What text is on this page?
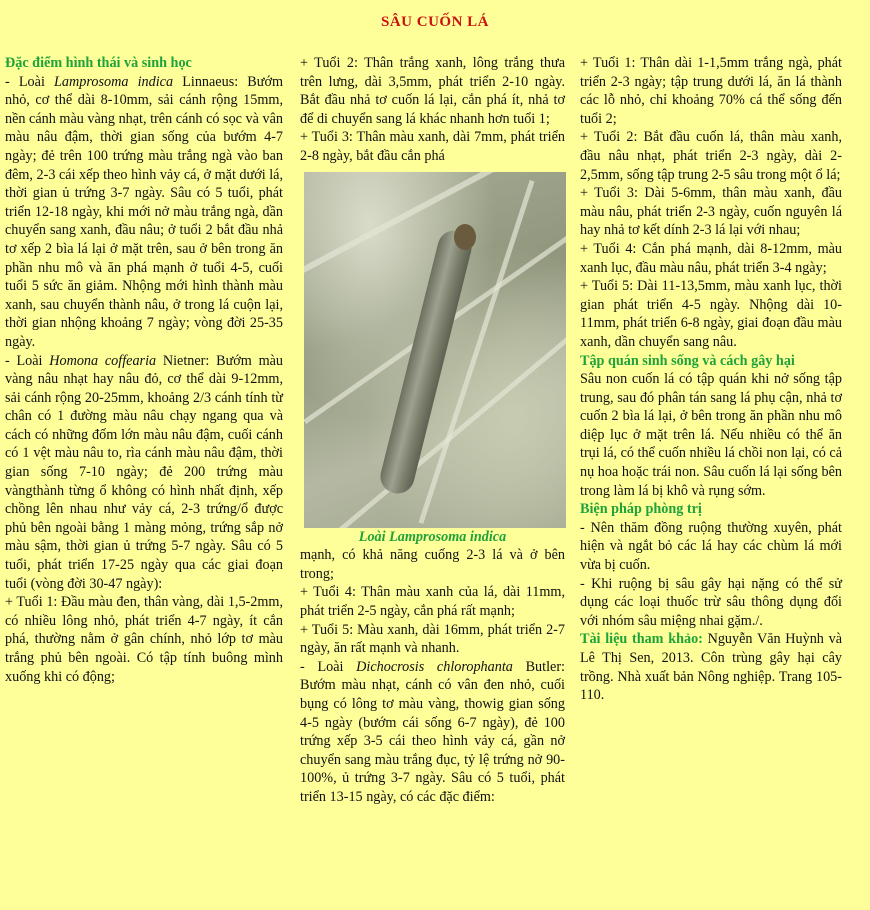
SÂU CUỐN LÁ

Đặc điểm hình thái và sinh học

- Loài Lamprosoma indica Linnaeus: Bướm nhỏ, cơ thể dài 8-10mm, sải cánh rộng 15mm, nền cánh màu vàng nhạt, trên cánh có sọc và vân màu nâu đậm, thời gian sống của bướm 4-7 ngày; đẻ trên 100 trứng màu trắng ngà vào ban đêm, 2-3 cái xếp theo hình vảy cá, ở mặt dưới lá, thời gian ủ trứng 3-7 ngày. Sâu có 5 tuổi, phát triển 12-18 ngày, khi mới nở màu trắng ngà, dần chuyển sang xanh, đầu nâu; ở tuổi 2 bắt đầu nhả tơ xếp 2 bìa lá lại ở mặt trên, sau ở bên trong ăn phần nhu mô và ăn phá mạnh ở tuổi 4-5, cuối tuổi 5 sức ăn giảm. Nhộng mới hình thành màu xanh, sau chuyển thành nâu, ở trong lá cuộn lại, thời gian nhộng khoảng 7 ngày; vòng đời 25-35 ngày.

- Loài Homona coffearia Nietner: Bướm màu vàng nâu nhạt hay nâu đỏ, cơ thể dài 9-12mm, sải cánh rộng 20-25mm, khoảng 2/3 cánh tính từ chân có 1 đường màu nâu chạy ngang qua và cách có những đốm lớn màu nâu đậm, cuối cánh có 1 vệt màu nâu to, rìa cánh màu nâu đậm, thời gian sống 7-10 ngày; đẻ 200 trứng màu vàngthành từng ổ không có hình nhất định, xếp chồng lên nhau như vảy cá, 2-3 trứng/ổ được phủ bên ngoài bằng 1 màng mỏng, trứng sắp nở màu sậm, thời gian ủ trứng 5-7 ngày. Sâu có 5 tuổi, phát triển 17-25 ngày qua các giai đoạn tuổi (vòng đời 30-47 ngày):

+ Tuổi 1: Đầu màu đen, thân vàng, dài 1,5-2mm, có nhiều lông nhỏ, phát triển 4-7 ngày, ít cắn phá, thường nằm ở gân chính, nhỏ lớp tơ màu trắng phủ bên ngoài. Có tập tính buông mình xuống khi có động;

+ Tuổi 2: Thân trắng xanh, lông trắng thưa trên lưng, dài 3,5mm, phát triển 2-10 ngày. Bắt đầu nhả tơ cuốn lá lại, cắn phá ít, nhả tơ để di chuyển sang lá khác nhanh hơn tuổi 1;

+ Tuổi 3: Thân màu xanh, dài 7mm, phát triển 2-8 ngày, bắt đầu cắn phá

Loài Lamprosoma indica

mạnh, có khả năng cuống 2-3 lá và ở bên trong;

+ Tuổi 4: Thân màu xanh của lá, dài 11mm, phát triển 2-5 ngày, cắn phá rất mạnh;

+ Tuổi 5: Màu xanh, dài 16mm, phát triển 2-7 ngày, ăn rất mạnh và nhanh.

- Loài Dichocrosis chlorophanta Butler: Bướm màu nhạt, cánh có vân đen nhỏ, cuối bụng có lông tơ màu vàng, thowig gian sống 4-5 ngày (bướm cái sống 6-7 ngày), đẻ 100 trứng xếp 3-5 cái theo hình vảy cá, gần nở chuyển sang màu trắng đục, tỷ lệ trứng nở 90-100%, ủ trứng 3-7 ngày. Sâu có 5 tuổi, phát triển 13-15 ngày, có các đặc điểm:

+ Tuổi 1: Thân dài 1-1,5mm trắng ngà, phát triển 2-3 ngày; tập trung dưới lá, ăn lá thành các lỗ nhỏ, chỉ khoảng 70% cá thể sống đến tuổi 2;

+ Tuổi 2: Bắt đầu cuốn lá, thân màu xanh, đầu nâu nhạt, phát triển 2-3 ngày, dài 2-2,5mm, sống tập trung 2-5 sâu trong một ổ lá;

+ Tuổi 3: Dài 5-6mm, thân màu xanh, đầu màu nâu, phát triển 2-3 ngày, cuốn nguyên lá hay nhả tơ kết dính 2-3 lá lại với nhau;

+ Tuổi 4: Cắn phá mạnh, dài 8-12mm, màu xanh lục, đầu màu nâu, phát triển 3-4 ngày;

+ Tuổi 5: Dài 11-13,5mm, màu xanh lục, thời gian phát triển 4-5 ngày. Nhộng dài 10-11mm, phát triển 6-8 ngày, giai đoạn đầu màu xanh, dần chuyển sang nâu.

Tập quán sinh sống và cách gây hại

Sâu non cuốn lá có tập quán khi nở sống tập trung, sau đó phân tán sang lá phụ cận, nhả tơ cuốn 2 bìa lá lại, ở bên trong ăn phần nhu mô diệp lục ở mặt trên lá. Nếu nhiều có thể ăn trụi lá, có thể cuốn nhiều lá chồi non lại, có cả nụ hoa hoặc trái non. Sâu cuốn lá lại sống bên trong làm lá bị khô và rụng sớm.

Biện pháp phòng trị

- Nên thăm đồng ruộng thường xuyên, phát hiện và ngắt bỏ các lá hay các chùm lá mới vừa bị cuốn.

- Khi ruộng bị sâu gây hại nặng có thể sử dụng các loại thuốc trừ sâu thông dụng đối với nhóm sâu miệng nhai gặm./.

Tài liệu tham khảo: Nguyễn Văn Huỳnh và Lê Thị Sen, 2013. Côn trùng gây hại cây trồng. Nhà xuất bản Nông nghiệp. Trang 105-110.
